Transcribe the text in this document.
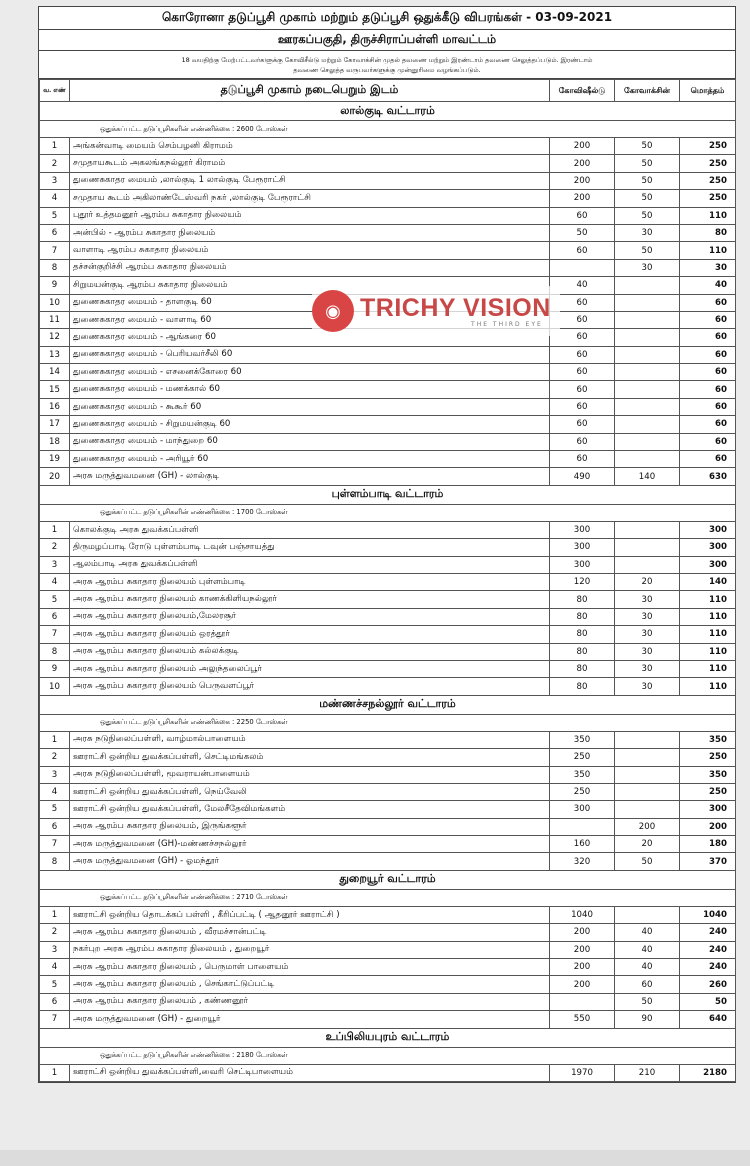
கொரோனா தடுப்பூசி முகாம் மற்றும் தடுப்பூசி ஒதுக்கீடு விபரங்கள் - 03-09-2021
ஊரகப்பகுதி, திருச்சிராப்பள்ளி மாவட்டம்
18 வயதிற்கு மேற்பட்டவர்களுக்கு கோவிசீல்டு மற்றும் கோவாக்சின் முதல் தவணை மற்றும் இரண்டாம் தவணை செலுத்தப்படும். இரண்டாம்
தவணை செலுத்த வருபவர்களுக்கு முன்னுரிமை வழங்கப்படும்.
வ. எண்	தடுப்பூசி முகாம் நடைபெறும் இடம்	கோவிஷீல்டு	கோவாக்சின்	மொத்தம்
லால்குடி வட்டாரம்				
ஒதுக்கப்பட்ட தடுப்பூசிகளின் எண்ணிக்கை : 2600 டோஸ்கள்				
1	அங்கன்வாடி மையம் செம்பழனி கிராமம்	200	50	250
2	சமுதாயகூடம் அகலங்கநல்லூர் கிராமம்	200	50	250
3	துணைசுகாதர மையம் ,லால்குடி 1 லால்குடி பேரூராட்சி	200	50	250
4	சமுதாய கூடம் அகிலாண்டேஸ்வரி நகர் ,லால்குடி பேரூராட்சி	200	50	250
5	புதூர் உத்தமனூர் ஆரம்ப சுகாதார நிலையம்	60	50	110
6	அன்பில் - ஆரம்ப சுகாதார நிலையம்	50	30	80
7	வாளாடி ஆரம்ப சுகாதார நிலையம்	60	50	110
8	தச்சன்குறிச்சி ஆரம்ப சுகாதார நிலையம்		30	30
9	சிறுமயன்குடி ஆரம்ப சுகாதார நிலையம்	40		40
10	துணைசுகாதர மையம் - தாளகுடி 60	60		60
11	துணைசுகாதர மையம் - வாளாடி 60	60		60
12	துணைசுகாதர மையம் - ஆங்கரை 60	60		60
13	துணைசுகாதர மையம் - பெரியவர்சீலி 60	60		60
14	துணைசுகாதர மையம் - எசனைக்கோரை 60	60		60
15	துணைசுகாதர மையம் - மணக்கால் 60	60		60
16	துணைசுகாதர மையம் - கூகூர் 60	60		60
17	துணைசுகாதர மையம் - சிறுமயன்குடி 60	60		60
18	துணைசுகாதர மையம் - மாந்துறை 60	60		60
19	துணைசுகாதர மையம் - அரியூர் 60	60		60
20	அரசு மருத்துவமனை (GH) - லால்குடி	490	140	630
புள்ளம்பாடி வட்டாரம்				
ஒதுக்கப்பட்ட தடுப்பூசிகளின் எண்ணிக்கை : 1700 டோஸ்கள்				
1	கொலக்குடி அரசு துவக்கப்பள்ளி	300		300
2	திருமழப்பாடி ரோடு புள்ளம்பாடி டவுன் பஞ்சாயத்து	300		300
3	ஆலம்பாடி அரசு துவக்கப்பள்ளி	300		300
4	அரசு ஆரம்ப சுகாதார நிலையம் புள்ளம்பாடி	120	20	140
5	அரசு ஆரம்ப சுகாதார நிலையம் காணக்கிளியநல்லூர்	80	30	110
6	அரசு ஆரம்ப சுகாதார நிலையம்,மேலரசூர்	80	30	110
7	அரசு ஆரம்ப சுகாதார நிலையம் ஒரத்தூர்	80	30	110
8	அரசு ஆரம்ப சுகாதார நிலையம் கல்லக்குடி	80	30	110
9	அரசு ஆரம்ப சுகாதார நிலையம் அலுந்தலைப்பூர்	80	30	110
10	அரசு ஆரம்ப சுகாதார நிலையம் பெருவளப்பூர்	80	30	110
மண்ணச்சநல்லூர் வட்டாரம்				
ஒதுக்கப்பட்ட தடுப்பூசிகளின் எண்ணிக்கை : 2250 டோஸ்கள்				
1	அரசு நடுநிலைப்பள்ளி, வாழ்மால்பாளையம்	350		350
2	ஊராட்சி ஒன்றிய துவக்கப்பள்ளி, செட்டிமங்கலம்	250		250
3	அரசு நடுநிலைப்பள்ளி, மூவராயன்பாளையம்	350		350
4	ஊராட்சி ஒன்றிய துவக்கப்பள்ளி, நெய்வேலி	250		250
5	ஊராட்சி ஒன்றிய துவக்கப்பள்ளி, மேலசீதேவிமங்களம்	300		300
6	அரசு ஆரம்ப சுகாதார நிலையம், இருங்களூர்		200	200
7	அரசு மருத்துவமனை (GH)-மண்ணச்சநல்லூர்	160	20	180
8	அரசு மருத்துவமனை (GH) - ஓமந்தூர்	320	50	370
துறையூர் வட்டாரம்				
ஒதுக்கப்பட்ட தடுப்பூசிகளின் எண்ணிக்கை : 2710 டோஸ்கள்				
1	ஊராட்சி ஒன்றிய தொடக்கப் பள்ளி , கீரிப்பட்டி ( ஆதனூர் ஊராட்சி )	1040		1040
2	அரசு ஆரம்ப சுகாதார நிலையம் , வீரமச்சான்பட்டி	200	40	240
3	நகர்புற அரசு ஆரம்ப சுகாதார நிலையம் , துறையூர்	200	40	240
4	அரசு ஆரம்ப சுகாதார நிலையம் , பெருமாள் பாளையம்	200	40	240
5	அரசு ஆரம்ப சுகாதார நிலையம் , செங்காட்டுப்பட்டி	200	60	260
6	அரசு ஆரம்ப சுகாதார நிலையம் , கண்ணனூர்		50	50
7	அரசு மருத்துவமனை (GH) - துறையூர்	550	90	640
உப்பிலியபுரம் வட்டாரம்				
ஒதுக்கப்பட்ட தடுப்பூசிகளின் எண்ணிக்கை : 2180 டோஸ்கள்				
1	ஊராட்சி ஒன்றிய துவக்கப்பள்ளி,வைரி செட்டிபாளையம்	1970	210	2180
◉ TRICHY VISION
THE THIRD EYE
